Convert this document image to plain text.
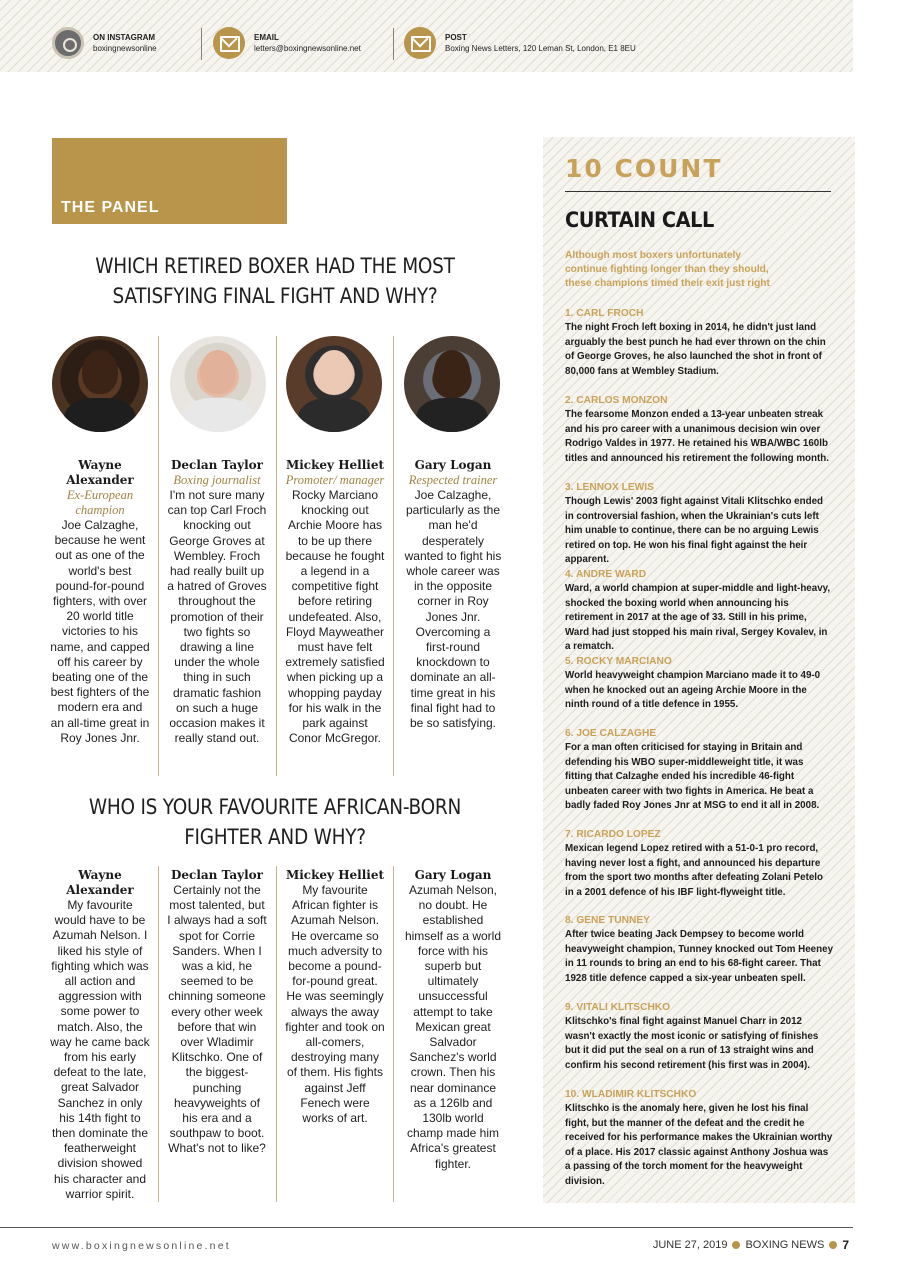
ON INSTAGRAM
boxingnewsonline
EMAIL
letters@boxingnewsonline.net
POST
Boxing News Letters, 120 Leman St, London, E1 8EU
THE PANEL
WHICH RETIRED BOXER HAD THE MOST SATISFYING FINAL FIGHT AND WHY?
Wayne Alexander
Ex-European champion
Joe Calzaghe, because he went out as one of the world's best pound-for-pound fighters, with over 20 world title victories to his name, and capped off his career by beating one of the best fighters of the modern era and an all-time great in Roy Jones Jnr.
Declan Taylor
Boxing journalist
I'm not sure many can top Carl Froch knocking out George Groves at Wembley. Froch had really built up a hatred of Groves throughout the promotion of their two fights so drawing a line under the whole thing in such dramatic fashion on such a huge occasion makes it really stand out.
Mickey Helliet
Promoter/ manager
Rocky Marciano knocking out Archie Moore has to be up there because he fought a legend in a competitive fight before retiring undefeated. Also, Floyd Mayweather must have felt extremely satisfied when picking up a whopping payday for his walk in the park against Conor McGregor.
Gary Logan
Respected trainer
Joe Calzaghe, particularly as the man he'd desperately wanted to fight his whole career was in the opposite corner in Roy Jones Jnr. Overcoming a first-round knockdown to dominate an all-time great in his final fight had to be so satisfying.
WHO IS YOUR FAVOURITE AFRICAN-BORN FIGHTER AND WHY?
Wayne Alexander
My favourite would have to be Azumah Nelson. I liked his style of fighting which was all action and aggression with some power to match. Also, the way he came back from his early defeat to the late, great Salvador Sanchez in only his 14th fight to then dominate the featherweight division showed his character and warrior spirit.
Declan Taylor
Certainly not the most talented, but I always had a soft spot for Corrie Sanders. When I was a kid, he seemed to be chinning someone every other week before that win over Wladimir Klitschko. One of the biggest-punching heavyweights of his era and a southpaw to boot. What's not to like?
Mickey Helliet
My favourite African fighter is Azumah Nelson. He overcame so much adversity to become a pound-for-pound great. He was seemingly always the away fighter and took on all-comers, destroying many of them. His fights against Jeff Fenech were works of art.
Gary Logan
Azumah Nelson, no doubt. He established himself as a world force with his superb but ultimately unsuccessful attempt to take Mexican great Salvador Sanchez's world crown. Then his near dominance as a 126lb and 130lb world champ made him Africa's greatest fighter.
10 COUNT
CURTAIN CALL
Although most boxers unfortunately continue fighting longer than they should, these champions timed their exit just right
1. CARL FROCH

The night Froch left boxing in 2014, he didn't just land arguably the best punch he had ever thrown on the chin of George Groves, he also launched the shot in front of 80,000 fans at Wembley Stadium.

2. CARLOS MONZON

The fearsome Monzon ended a 13-year unbeaten streak and his pro career with a unanimous decision win over Rodrigo Valdes in 1977. He retained his WBA/WBC 160lb titles and announced his retirement the following month.

3. LENNOX LEWIS

Though Lewis' 2003 fight against Vitali Klitschko ended in controversial fashion, when the Ukrainian's cuts left him unable to continue, there can be no arguing Lewis retired on top. He won his final fight against the heir apparent.

4. ANDRE WARD

Ward, a world champion at super-middle and light-heavy, shocked the boxing world when announcing his retirement in 2017 at the age of 33. Still in his prime, Ward had just stopped his main rival, Sergey Kovalev, in a rematch.

5. ROCKY MARCIANO

World heavyweight champion Marciano made it to 49-0 when he knocked out an ageing Archie Moore in the ninth round of a title defence in 1955.

6. JOE CALZAGHE

For a man often criticised for staying in Britain and defending his WBO super-middleweight title, it was fitting that Calzaghe ended his incredible 46-fight unbeaten career with two fights in America. He beat a badly faded Roy Jones Jnr at MSG to end it all in 2008.

7. RICARDO LOPEZ

Mexican legend Lopez retired with a 51-0-1 pro record, having never lost a fight, and announced his departure from the sport two months after defeating Zolani Petelo in a 2001 defence of his IBF light-flyweight title.

8. GENE TUNNEY

After twice beating Jack Dempsey to become world heavyweight champion, Tunney knocked out Tom Heeney in 11 rounds to bring an end to his 68-fight career. That 1928 title defence capped a six-year unbeaten spell.

9. VITALI KLITSCHKO

Klitschko's final fight against Manuel Charr in 2012 wasn't exactly the most iconic or satisfying of finishes but it did put the seal on a run of 13 straight wins and confirm his second retirement (his first was in 2004).

10. WLADIMIR KLITSCHKO

Klitschko is the anomaly here, given he lost his final fight, but the manner of the defeat and the credit he received for his performance makes the Ukrainian worthy of a place. His 2017 classic against Anthony Joshua was a passing of the torch moment for the heavyweight division.

www.boxingnewsonline.net	JUNE 27, 2019 BOXING NEWS 7
